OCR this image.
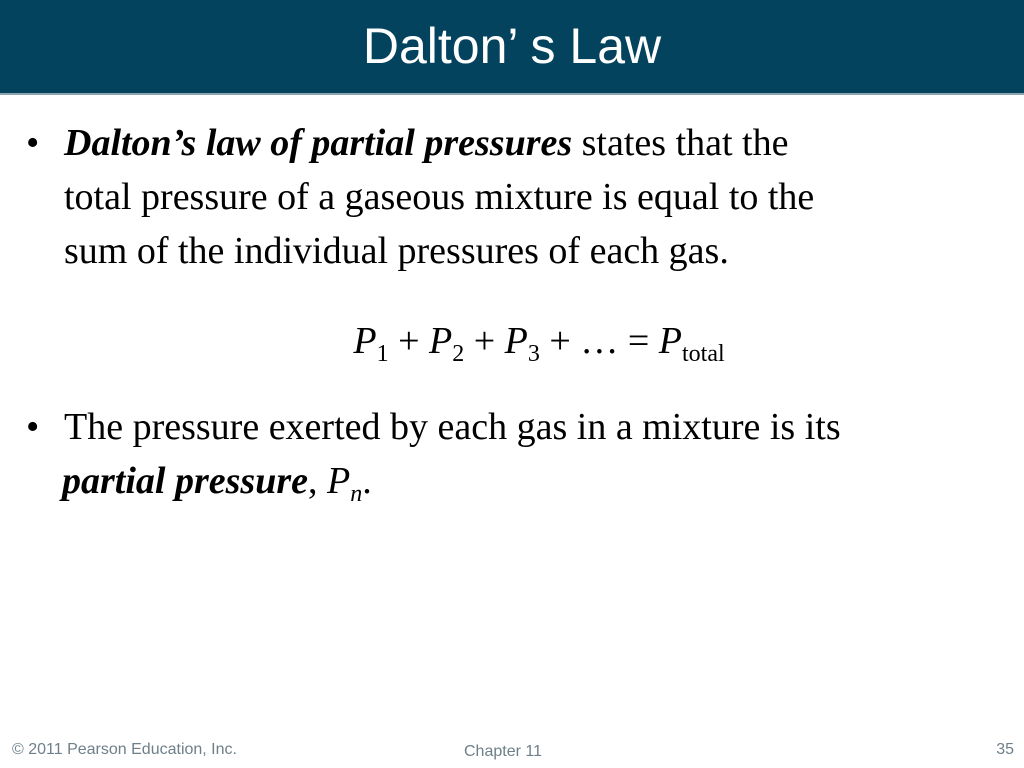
Dalton’ s Law
• Dalton’s law of partial pressures states that the
total pressure of a gaseous mixture is equal to the
sum of the individual pressures of each gas.
$P_1 + P_2 + P_3$ + … = $P_{total}$
• The pressure exerted by each gas in a mixture is its
partial pressure, $P_n$.
© 2011 Pearson Education, Inc.	Chapter 11	35
